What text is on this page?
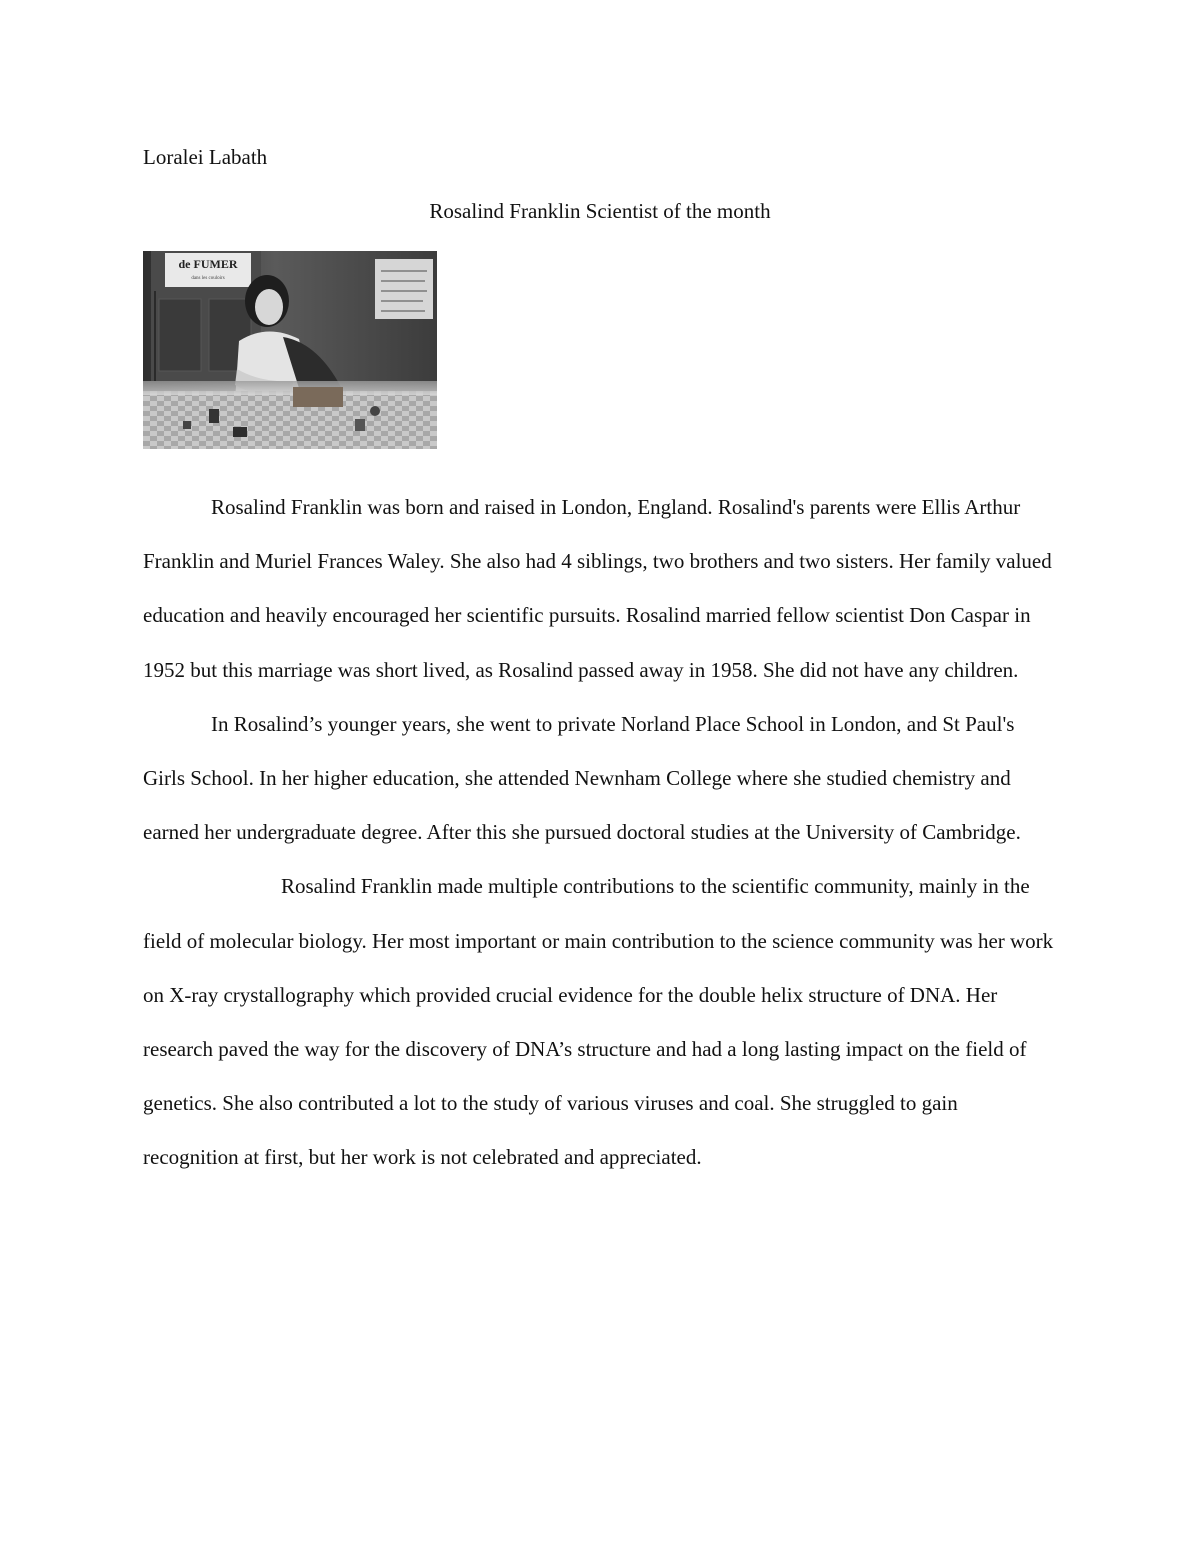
Loralei Labath

Rosalind Franklin Scientist of the month

de FUMER
dans les couloirs

Rosalind Franklin was born and raised in London, England. Rosalind's parents were Ellis Arthur Franklin and Muriel Frances Waley. She also had 4 siblings, two brothers and two sisters. Her family valued education and heavily encouraged her scientific pursuits. Rosalind married fellow scientist Don Caspar in 1952 but this marriage was short lived, as Rosalind passed away in 1958. She did not have any children.

In Rosalind’s younger years, she went to private Norland Place School in London, and St Paul's Girls School. In her higher education, she attended Newnham College where she studied chemistry and earned her undergraduate degree. After this she pursued doctoral studies at the University of Cambridge.

Rosalind Franklin made multiple contributions to the scientific community, mainly in the field of molecular biology. Her most important or main contribution to the science community was her work on X-ray crystallography which provided crucial evidence for the double helix structure of DNA. Her research paved the way for the discovery of DNA’s structure and had a long lasting impact on the field of genetics. She also contributed a lot to the study of various viruses and coal. She struggled to gain recognition at first, but her work is not celebrated and appreciated.
